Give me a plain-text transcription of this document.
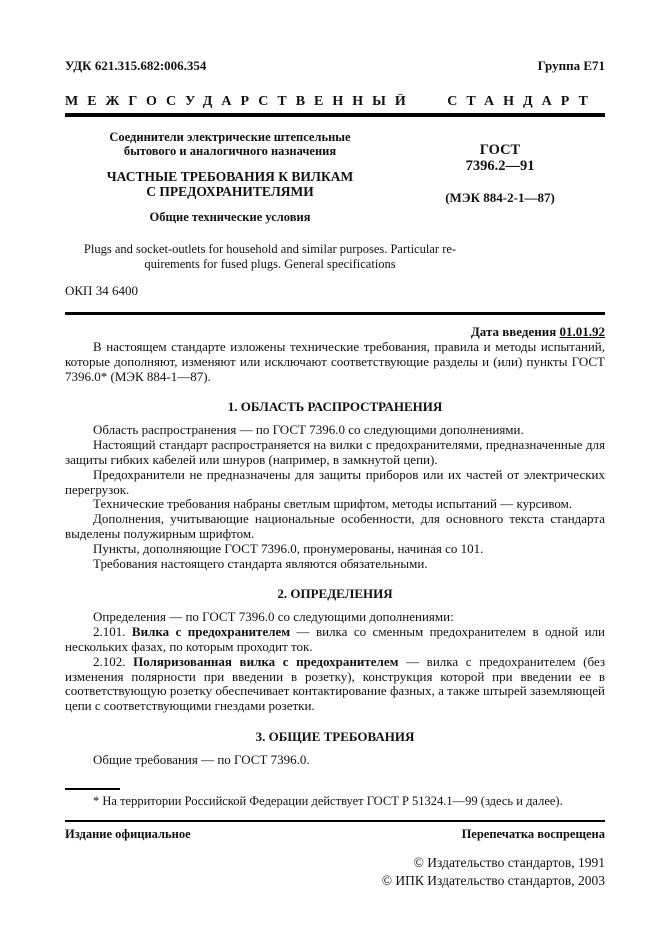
УДК 621.315.682:006.354	Группа Е71
МЕЖГОСУДАРСТВЕННЫЙ СТАНДАРТ
Соединители электрические штепсельные
бытового и аналогичного назначения
ЧАСТНЫЕ ТРЕБОВАНИЯ К ВИЛКАМ
С ПРЕДОХРАНИТЕЛЯМИ
Общие технические условия
ГОСТ
7396.2—91
(МЭК 884-2-1—87)
Plugs and socket-outlets for household and similar purposes. Particular re-
quirements for fused plugs. General specifications
ОКП 34 6400
Дата введения 01.01.92

В настоящем стандарте изложены технические требования, правила и методы испытаний, которые дополняют, изменяют или исключают соответствующие разделы и (или) пункты ГОСТ 7396.0* (МЭК 884-1—87).

1. ОБЛАСТЬ РАСПРОСТРАНЕНИЯ

Область распространения — по ГОСТ 7396.0 со следующими дополнениями.

Настоящий стандарт распространяется на вилки с предохранителями, предназначенные для защиты гибких кабелей или шнуров (например, в замкнутой цепи).

Предохранители не предназначены для защиты приборов или их частей от электрических перегрузок.

Технические требования набраны светлым шрифтом, методы испытаний — курсивом.

Дополнения, учитывающие национальные особенности, для основного текста стандарта выделены полужирным шрифтом.

Пункты, дополняющие ГОСТ 7396.0, пронумерованы, начиная со 101.

Требования настоящего стандарта являются обязательными.

2. ОПРЕДЕЛЕНИЯ

Определения — по ГОСТ 7396.0 со следующими дополнениями:

2.101. Вилка с предохранителем — вилка со сменным предохранителем в одной или нескольких фазах, по которым проходит ток.

2.102. Поляризованная вилка с предохранителем — вилка с предохранителем (без изменения полярности при введении в розетку), конструкция которой при введении ее в соответствующую розетку обеспечивает контактирование фазных, а также штырей заземляющей цепи с соответствующими гнездами розетки.

3. ОБЩИЕ ТРЕБОВАНИЯ

Общие требования — по ГОСТ 7396.0.

* На территории Российской Федерации действует ГОСТ Р 51324.1—99 (здесь и далее).
Издание официальное	Перепечатка воспрещена
© Издательство стандартов, 1991
© ИПК Издательство стандартов, 2003
